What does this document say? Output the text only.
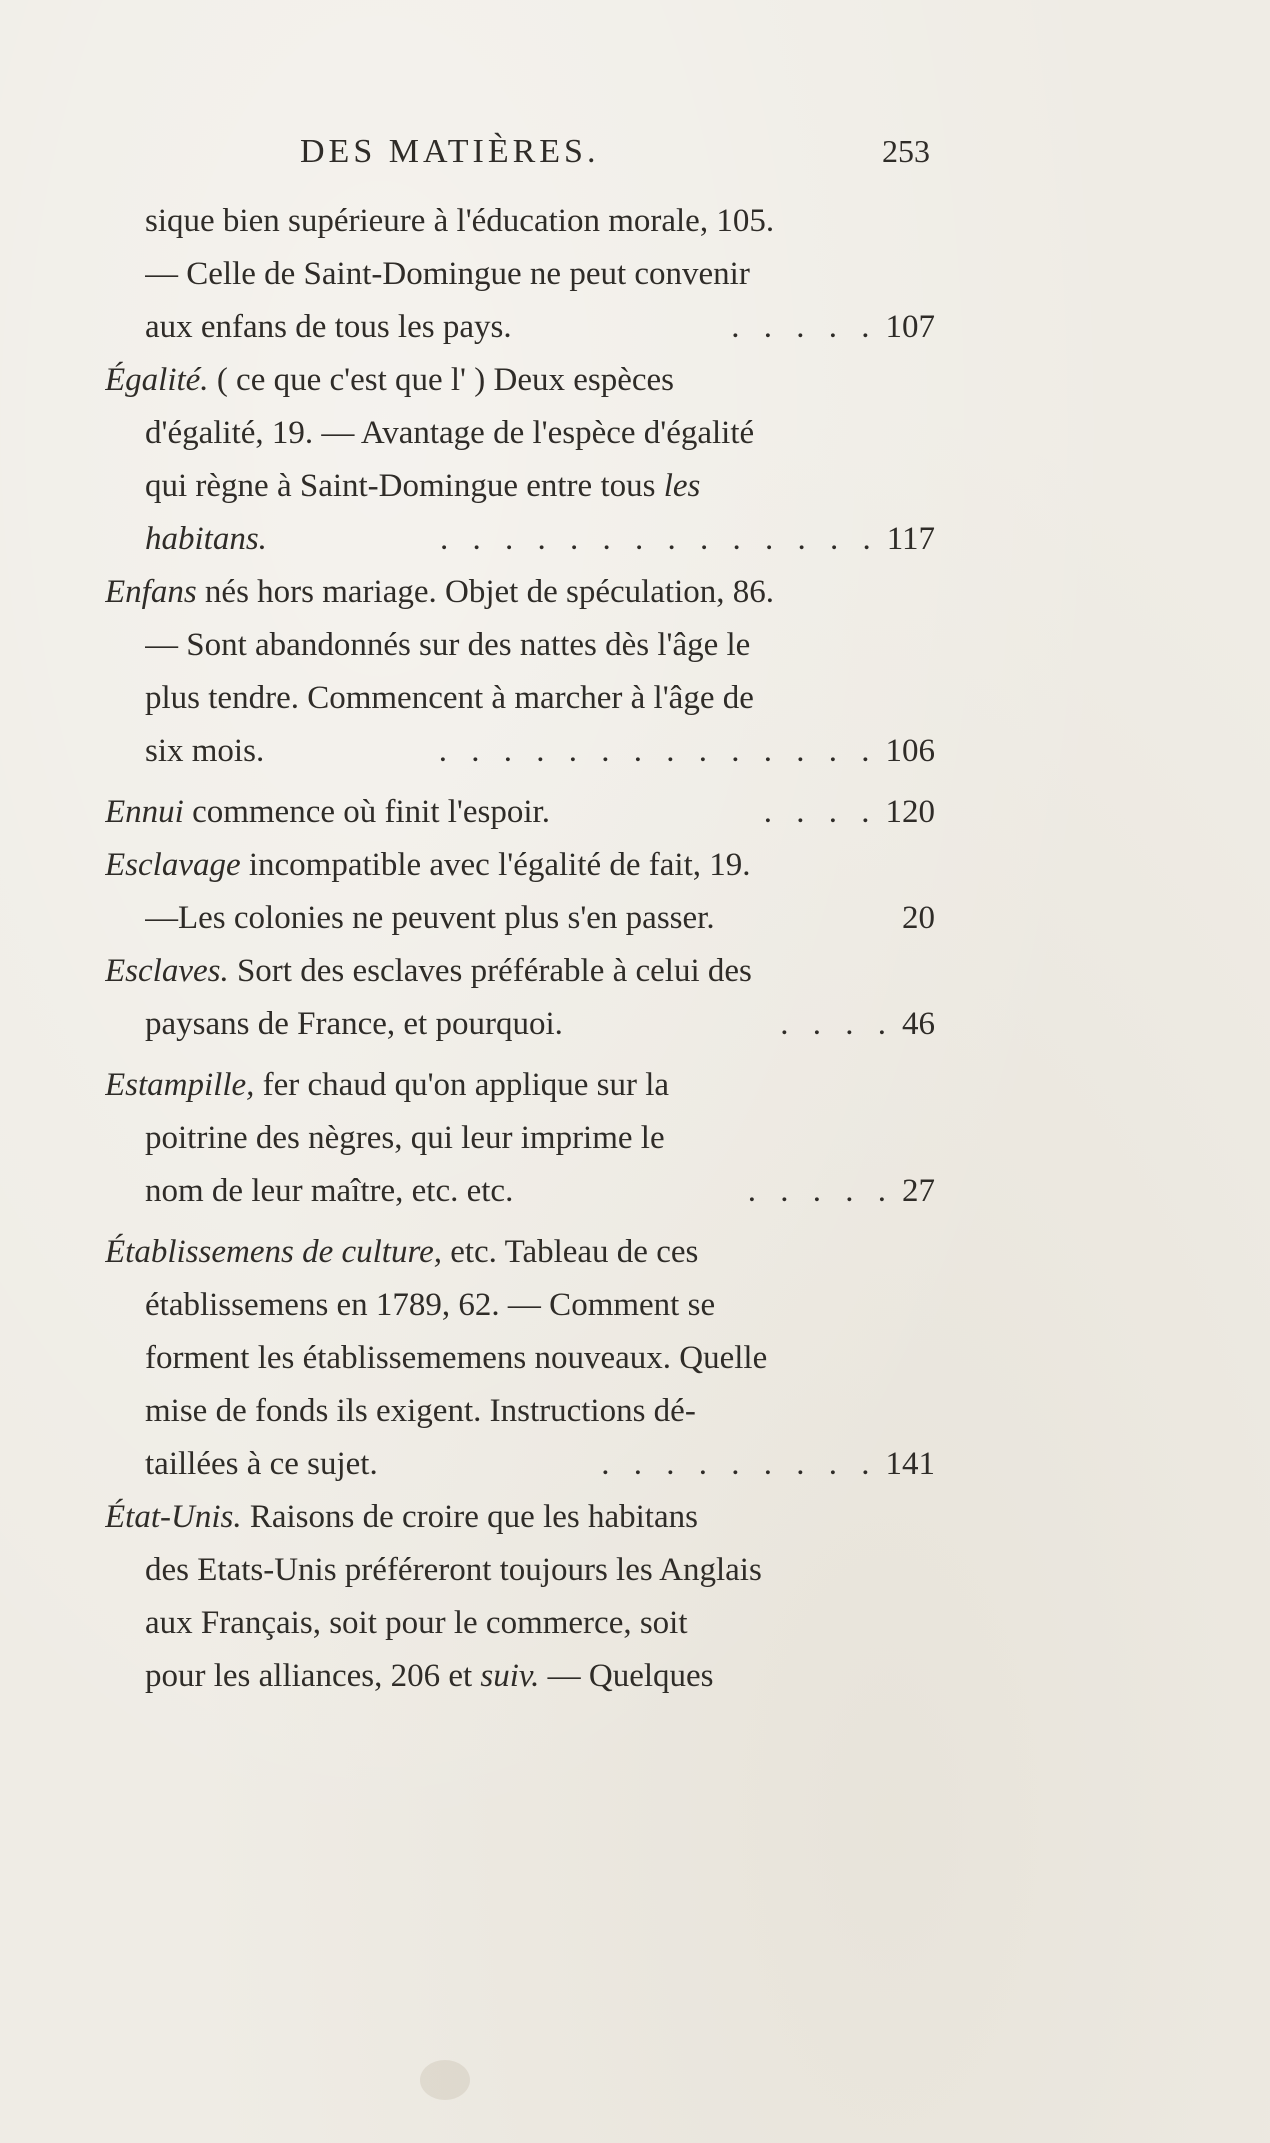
DES MATIÈRES.	253
sique bien supérieure à l'éducation morale, 105.
— Celle de Saint-Domingue ne peut convenir
aux enfans de tous les pays.	. . . . . 107
Égalité. ( ce que c'est que l' ) Deux espèces
d'égalité, 19. — Avantage de l'espèce d'égalité
qui règne à Saint-Domingue entre tous les
habitans.	. . . . . . . . . . . . . . 117
Enfans nés hors mariage. Objet de spéculation, 86.
— Sont abandonnés sur des nattes dès l'âge le
plus tendre. Commencent à marcher à l'âge de
six mois.	. . . . . . . . . . . . . . 106
Ennui commence où finit l'espoir.	. . . . 120
Esclavage incompatible avec l'égalité de fait, 19.
—Les colonies ne peuvent plus s'en passer.	20
Esclaves. Sort des esclaves préférable à celui des
paysans de France, et pourquoi.	. . . . 46
Estampille, fer chaud qu'on applique sur la
poitrine des nègres, qui leur imprime le
nom de leur maître, etc. etc.	. . . . . 27
Établissemens de culture, etc. Tableau de ces
établissemens en 1789, 62. — Comment se
forment les établissememens nouveaux. Quelle
mise de fonds ils exigent. Instructions dé-
taillées à ce sujet.	. . . . . . . . . 141
État-Unis. Raisons de croire que les habitans
des Etats-Unis préféreront toujours les Anglais
aux Français, soit pour le commerce, soit
pour les alliances, 206 et suiv. — Quelques
